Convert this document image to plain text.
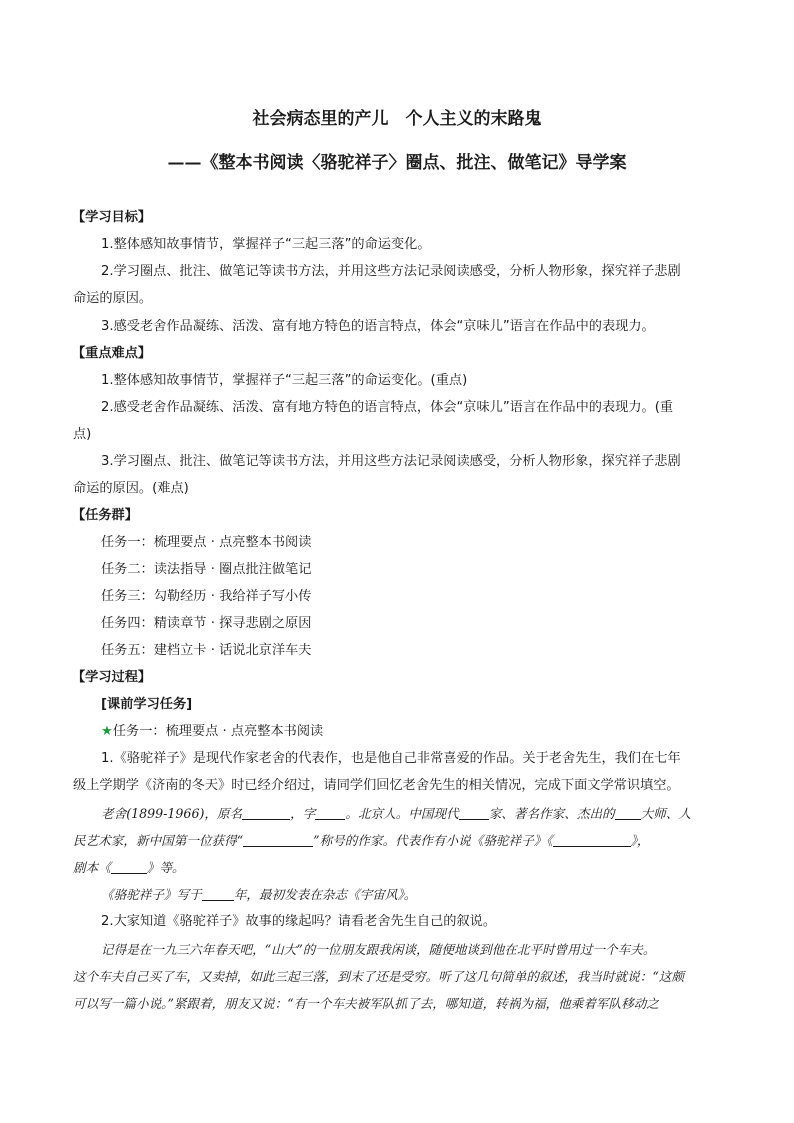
社会病态里的产儿　个人主义的末路鬼
——《整本书阅读〈骆驼祥子〉圈点、批注、做笔记》导学案
【学习目标】
1.整体感知故事情节，掌握祥子“三起三落”的命运变化。
2.学习圈点、批注、做笔记等读书方法，并用这些方法记录阅读感受，分析人物形象，探究祥子悲剧
命运的原因。
3.感受老舍作品凝练、活泼、富有地方特色的语言特点，体会“京味儿”语言在作品中的表现力。
【重点难点】
1.整体感知故事情节，掌握祥子“三起三落”的命运变化。(重点)
2.感受老舍作品凝练、活泼、富有地方特色的语言特点，体会“京味儿”语言在作品中的表现力。(重
点)
3.学习圈点、批注、做笔记等读书方法，并用这些方法记录阅读感受，分析人物形象，探究祥子悲剧
命运的原因。(难点)
【任务群】
任务一：梳理要点 · 点亮整本书阅读
任务二：读法指导 · 圈点批注做笔记
任务三：勾勒经历 · 我给祥子写小传
任务四：精读章节 · 探寻悲剧之原因
任务五：建档立卡 · 话说北京洋车夫
【学习过程】
[课前学习任务]
★任务一：梳理要点 · 点亮整本书阅读
1.《骆驼祥子》是现代作家老舍的代表作，也是他自己非常喜爱的作品。关于老舍先生，我们在七年
级上学期学《济南的冬天》时已经介绍过，请同学们回忆老舍先生的相关情况，完成下面文学常识填空。
老舍(1899-1966)，原名	，字 。北京人。中国现代 家、著名作家、杰出的 大师、人
民艺术家，新中国第一位获得“	”称号的作家。代表作有小说《骆驼祥子》《	》，
剧本《	》等。
《骆驼祥子》写于	年，最初发表在杂志《宇宙风》。
2.大家知道《骆驼祥子》故事的缘起吗？请看老舍先生自己的叙说。
记得是在一九三六年春天吧，“山大”的一位朋友跟我闲谈，随便地谈到他在北平时曾用过一个车夫。
这个车夫自己买了车，又卖掉，如此三起三落，到末了还是受穷。听了这几句简单的叙述，我当时就说：“这颇
可以写一篇小说。”紧跟着，朋友又说：“有一个车夫被军队抓了去，哪知道，转祸为福，他乘着军队移动之
